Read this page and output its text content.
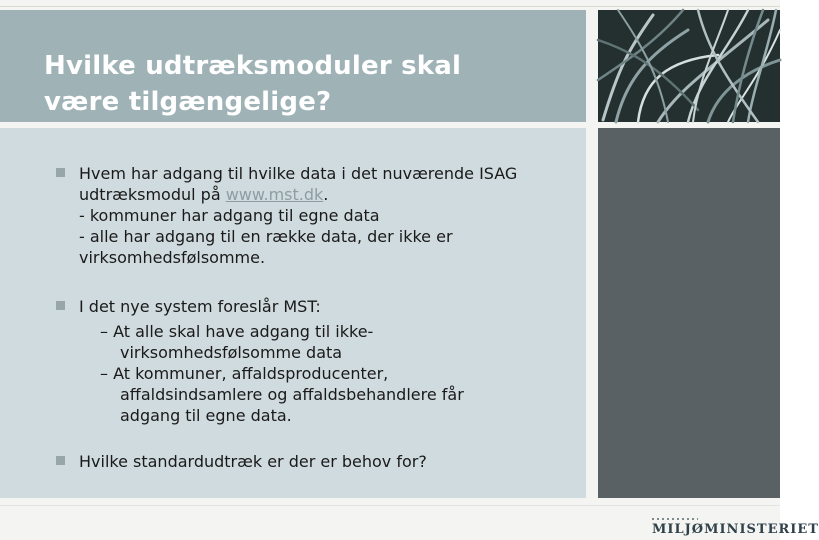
Hvilke udtræksmoduler skal
være tilgængelige?

Hvem har adgang til hvilke data i det nuværende ISAG
udtræksmodul på www.mst.dk.
- kommuner har adgang til egne data
- alle har adgang til en række data, der ikke er
virksomhedsfølsomme.

I det nye system foreslår MST:

– At alle skal have adgang til ikke-
virksomhedsfølsomme data
– At kommuner, affaldsproducenter,
affaldsindsamlere og affaldsbehandlere får
adgang til egne data.

Hvilke standardudtræk er der er behov for?

MILJØMINISTERIET
